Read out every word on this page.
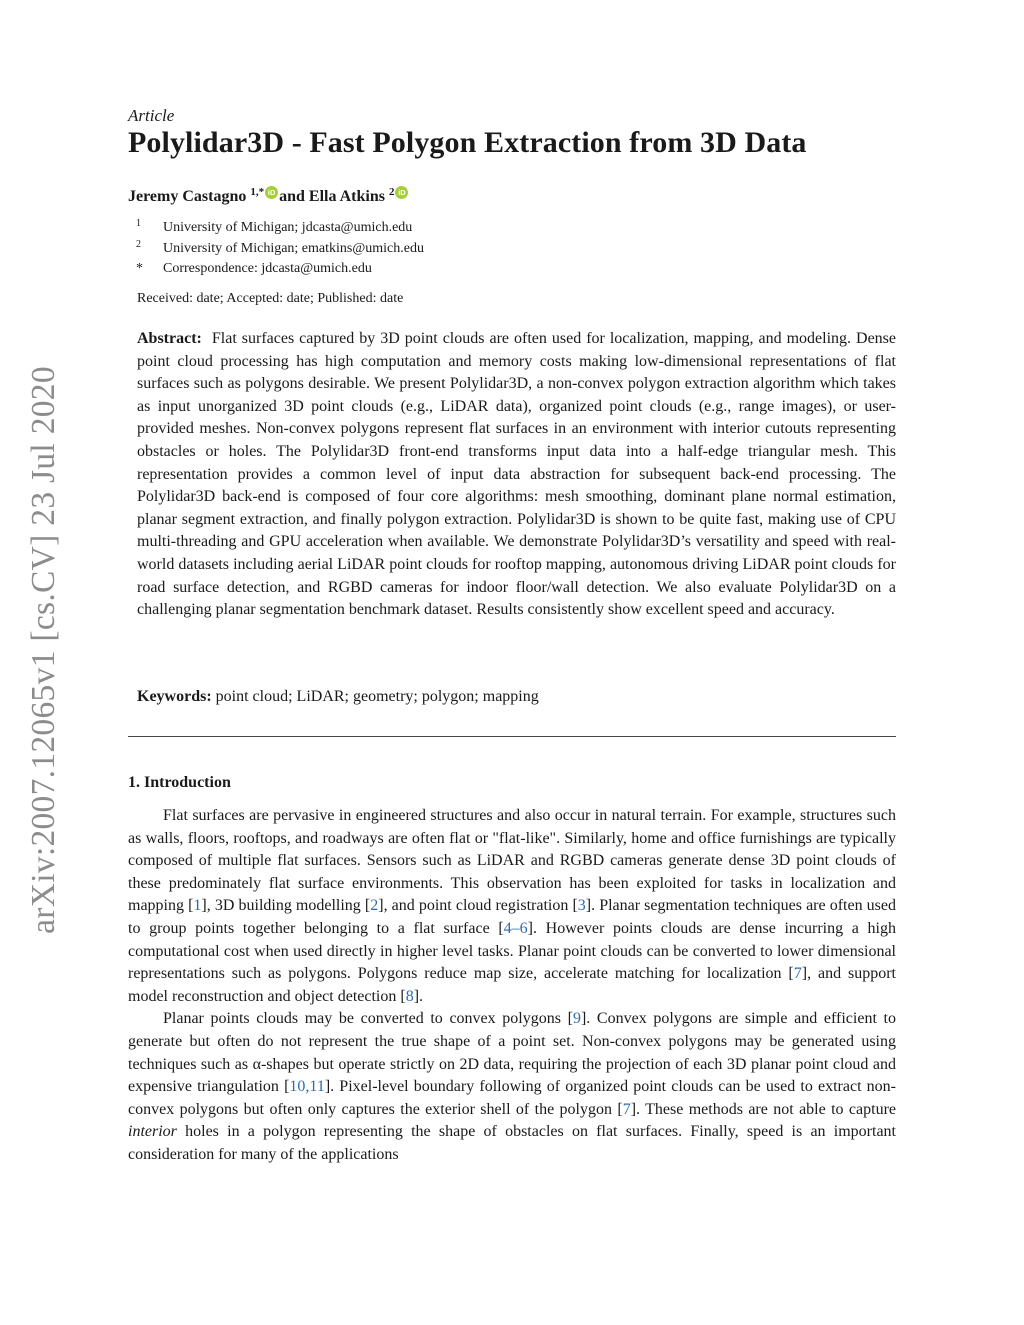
arXiv:2007.12065v1 [cs.CV] 23 Jul 2020
Article
Polylidar3D - Fast Polygon Extraction from 3D Data
Jeremy Castagno $^{1,*}$ iD and Ella Atkins $^2$ iD
1 University of Michigan; jdcasta@umich.edu
2 University of Michigan; ematkins@umich.edu
* Correspondence: jdcasta@umich.edu
Received: date; Accepted: date; Published: date
Abstract: Flat surfaces captured by 3D point clouds are often used for localization, mapping, and modeling. Dense point cloud processing has high computation and memory costs making low-dimensional representations of flat surfaces such as polygons desirable. We present Polylidar3D, a non-convex polygon extraction algorithm which takes as input unorganized 3D point clouds (e.g., LiDAR data), organized point clouds (e.g., range images), or user-provided meshes. Non-convex polygons represent flat surfaces in an environment with interior cutouts representing obstacles or holes. The Polylidar3D front-end transforms input data into a half-edge triangular mesh. This representation provides a common level of input data abstraction for subsequent back-end processing. The Polylidar3D back-end is composed of four core algorithms: mesh smoothing, dominant plane normal estimation, planar segment extraction, and finally polygon extraction. Polylidar3D is shown to be quite fast, making use of CPU multi-threading and GPU acceleration when available. We demonstrate Polylidar3D’s versatility and speed with real-world datasets including aerial LiDAR point clouds for rooftop mapping, autonomous driving LiDAR point clouds for road surface detection, and RGBD cameras for indoor floor/wall detection. We also evaluate Polylidar3D on a challenging planar segmentation benchmark dataset. Results consistently show excellent speed and accuracy.
Keywords: point cloud; LiDAR; geometry; polygon; mapping
1. Introduction

Flat surfaces are pervasive in engineered structures and also occur in natural terrain. For example, structures such as walls, floors, rooftops, and roadways are often flat or "flat-like". Similarly, home and office furnishings are typically composed of multiple flat surfaces. Sensors such as LiDAR and RGBD cameras generate dense 3D point clouds of these predominately flat surface environments. This observation has been exploited for tasks in localization and mapping [1], 3D building modelling [2], and point cloud registration [3]. Planar segmentation techniques are often used to group points together belonging to a flat surface [4–6]. However points clouds are dense incurring a high computational cost when used directly in higher level tasks. Planar point clouds can be converted to lower dimensional representations such as polygons. Polygons reduce map size, accelerate matching for localization [7], and support model reconstruction and object detection [8].

Planar points clouds may be converted to convex polygons [9]. Convex polygons are simple and efficient to generate but often do not represent the true shape of a point set. Non-convex polygons may be generated using techniques such as α-shapes but operate strictly on 2D data, requiring the projection of each 3D planar point cloud and expensive triangulation [10,11]. Pixel-level boundary following of organized point clouds can be used to extract non-convex polygons but often only captures the exterior shell of the polygon [7]. These methods are not able to capture interior holes in a polygon representing the shape of obstacles on flat surfaces. Finally, speed is an important consideration for many of the applications
